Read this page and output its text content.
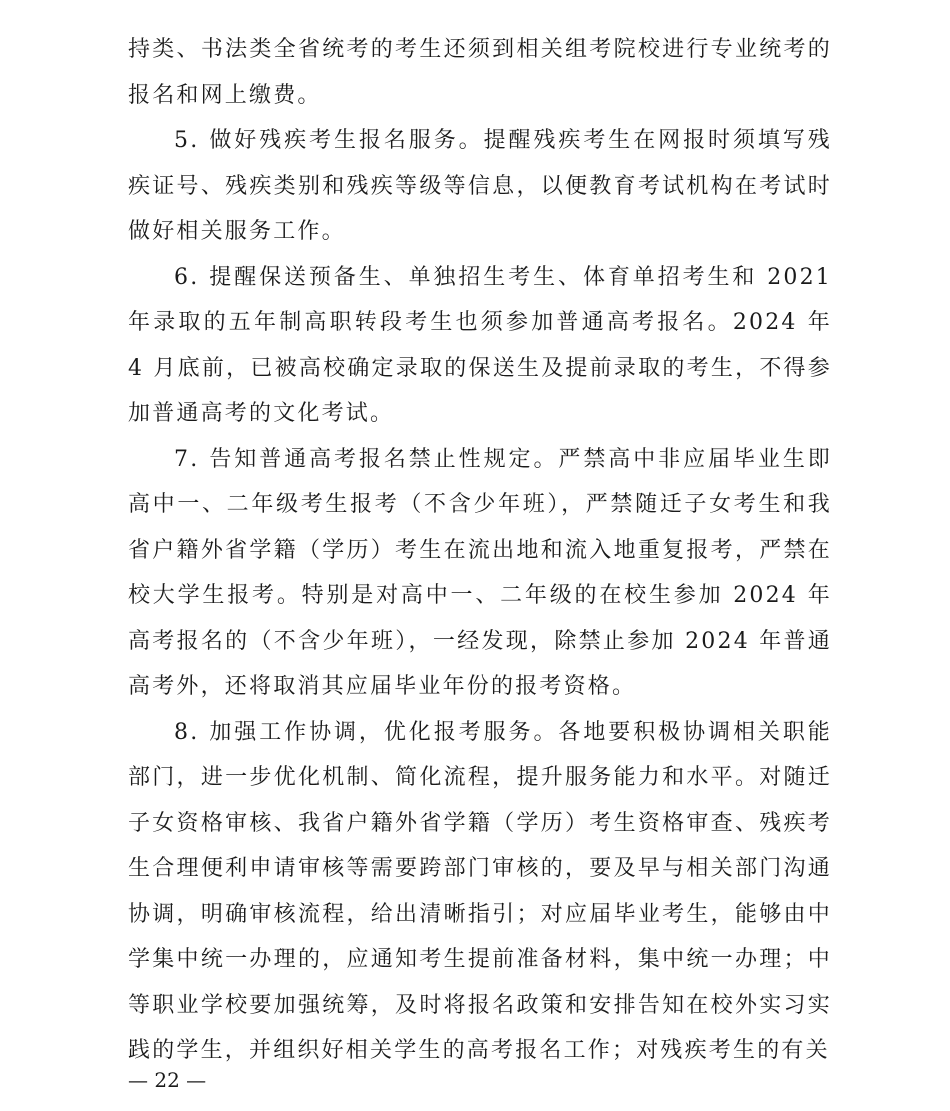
持类、书法类全省统考的考生还须到相关组考院校进行专业统考的报名和网上缴费。

5. 做好残疾考生报名服务。提醒残疾考生在网报时须填写残疾证号、残疾类别和残疾等级等信息，以便教育考试机构在考试时做好相关服务工作。

6. 提醒保送预备生、单独招生考生、体育单招考生和 2021 年录取的五年制高职转段考生也须参加普通高考报名。2024 年 4 月底前，已被高校确定录取的保送生及提前录取的考生，不得参加普通高考的文化考试。

7. 告知普通高考报名禁止性规定。严禁高中非应届毕业生即高中一、二年级考生报考（不含少年班），严禁随迁子女考生和我省户籍外省学籍（学历）考生在流出地和流入地重复报考，严禁在校大学生报考。特别是对高中一、二年级的在校生参加 2024 年高考报名的（不含少年班），一经发现，除禁止参加 2024 年普通高考外，还将取消其应届毕业年份的报考资格。

8. 加强工作协调，优化报考服务。各地要积极协调相关职能部门，进一步优化机制、简化流程，提升服务能力和水平。对随迁子女资格审核、我省户籍外省学籍（学历）考生资格审查、残疾考生合理便利申请审核等需要跨部门审核的，要及早与相关部门沟通协调，明确审核流程，给出清晰指引；对应届毕业考生，能够由中学集中统一办理的，应通知考生提前准备材料，集中统一办理；中等职业学校要加强统筹，及时将报名政策和安排告知在校外实习实践的学生，并组织好相关学生的高考报名工作；对残疾考生的有关

— 22 —
